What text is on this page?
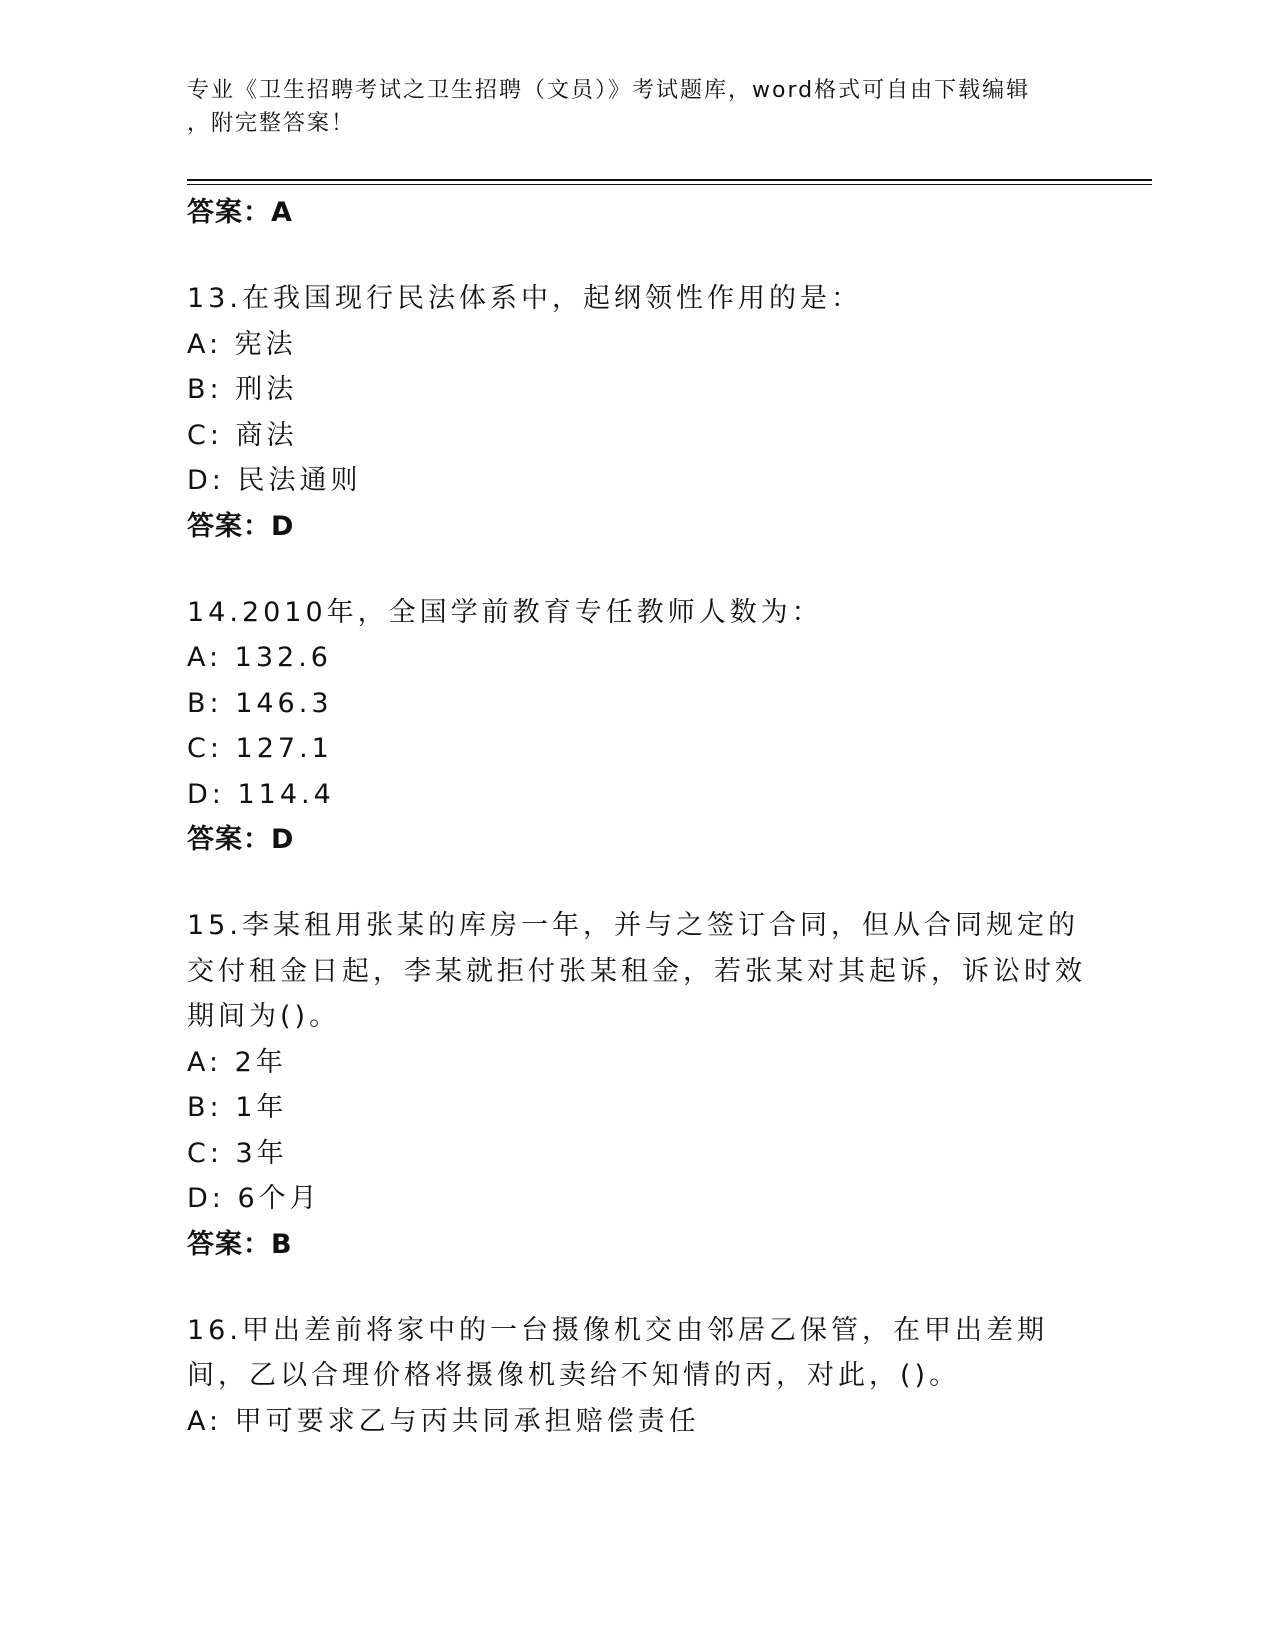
专业《卫生招聘考试之卫生招聘（文员）》考试题库，word格式可自由下载编辑
，附完整答案！
答案：A
13.在我国现行民法体系中，起纲领性作用的是：
A: 宪法
B: 刑法
C: 商法
D: 民法通则
答案：D
14.2010年，全国学前教育专任教师人数为：
A: 132.6
B: 146.3
C: 127.1
D: 114.4
答案：D
15.李某租用张某的库房一年，并与之签订合同，但从合同规定的交付租金日起，李某就拒付张某租金，若张某对其起诉，诉讼时效期间为()。
A: 2年
B: 1年
C: 3年
D: 6个月
答案：B
16.甲出差前将家中的一台摄像机交由邻居乙保管，在甲出差期间，乙以合理价格将摄像机卖给不知情的丙，对此，()。
A: 甲可要求乙与丙共同承担赔偿责任
